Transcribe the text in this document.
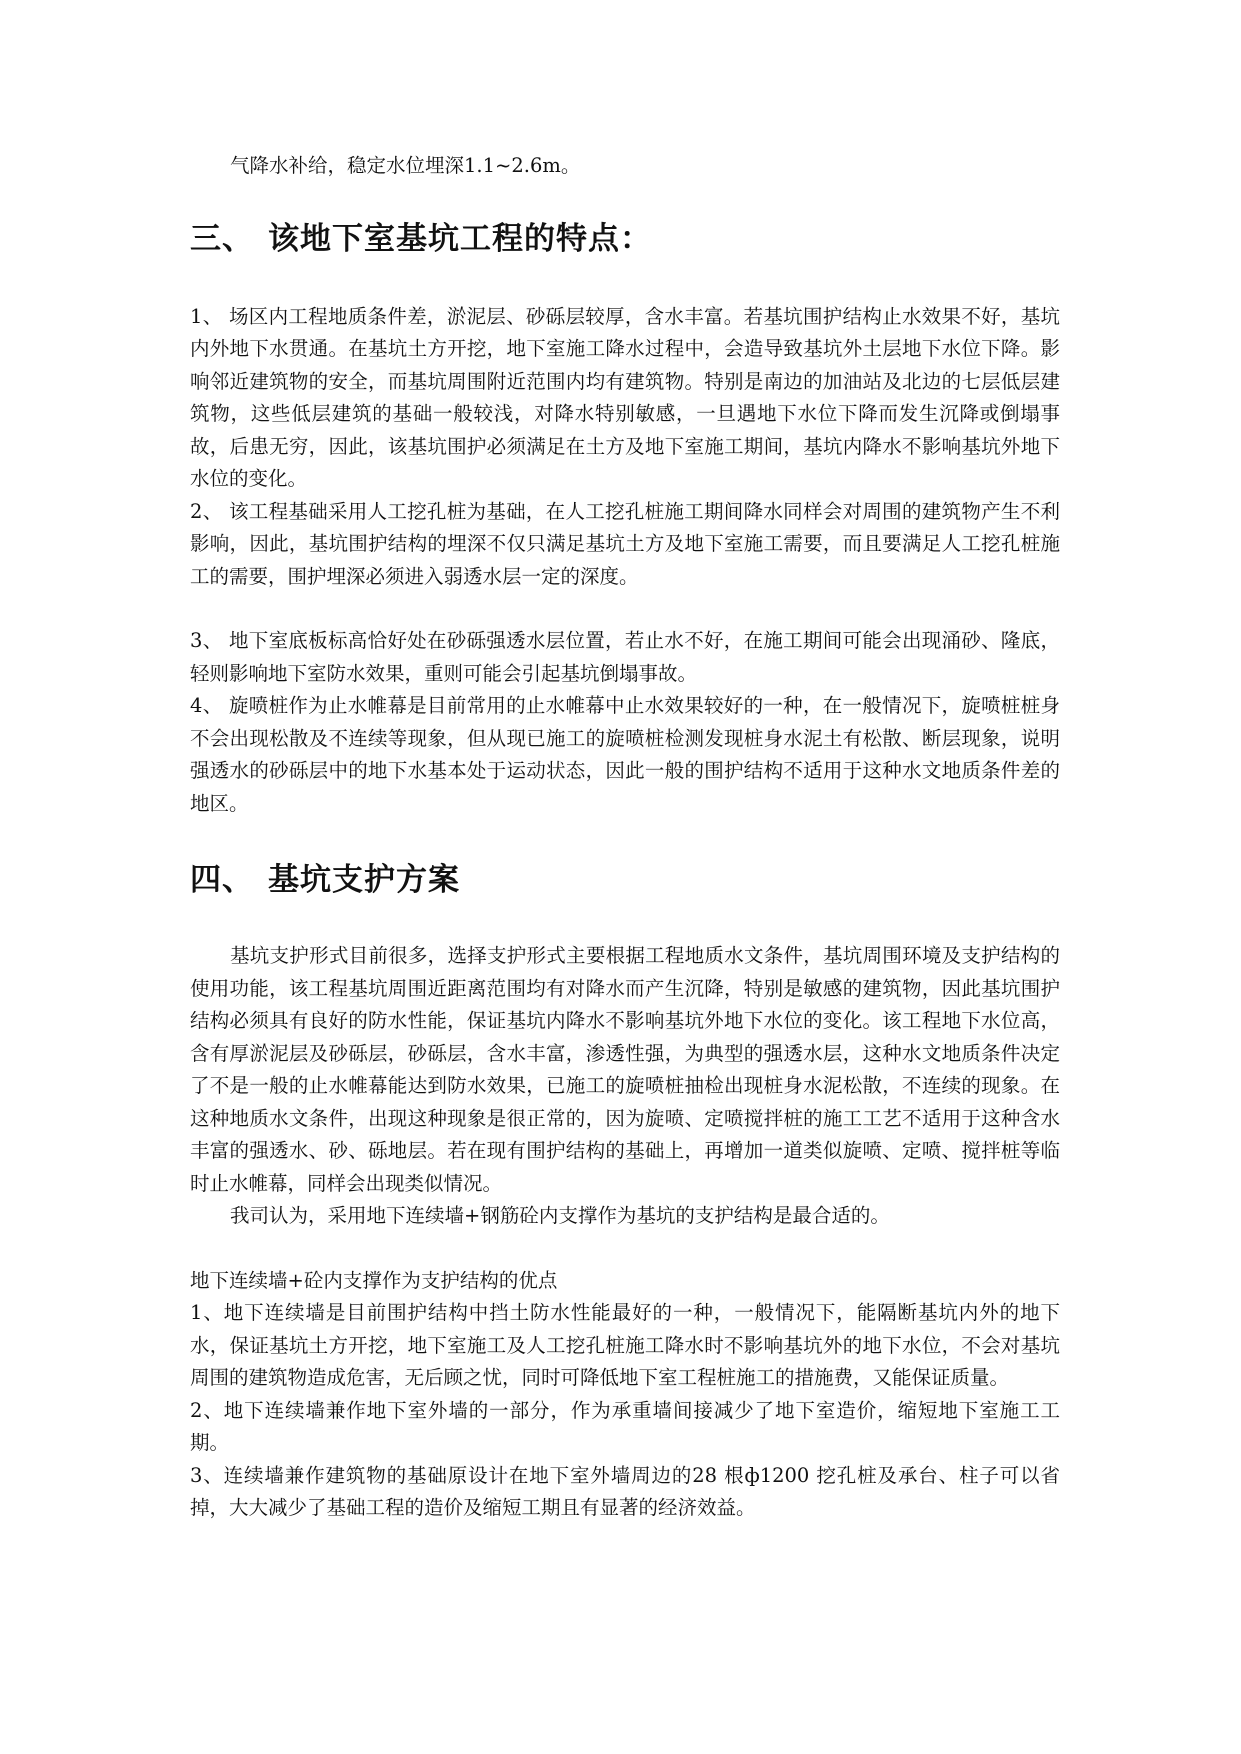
气降水补给，稳定水位埋深1.1~2.6m。

三、 该地下室基坑工程的特点：

1、 场区内工程地质条件差，淤泥层、砂砾层较厚，含水丰富。若基坑围护结构止水效果不好，基坑内外地下水贯通。在基坑土方开挖，地下室施工降水过程中，会造导致基坑外土层地下水位下降。影响邻近建筑物的安全，而基坑周围附近范围内均有建筑物。特别是南边的加油站及北边的七层低层建筑物，这些低层建筑的基础一般较浅，对降水特别敏感，一旦遇地下水位下降而发生沉降或倒塌事故，后患无穷，因此，该基坑围护必须满足在土方及地下室施工期间，基坑内降水不影响基坑外地下水位的变化。

2、 该工程基础采用人工挖孔桩为基础，在人工挖孔桩施工期间降水同样会对周围的建筑物产生不利影响，因此，基坑围护结构的埋深不仅只满足基坑土方及地下室施工需要，而且要满足人工挖孔桩施工的需要，围护埋深必须进入弱透水层一定的深度。

3、 地下室底板标高恰好处在砂砾强透水层位置，若止水不好，在施工期间可能会出现涌砂、隆底，轻则影响地下室防水效果，重则可能会引起基坑倒塌事故。

4、 旋喷桩作为止水帷幕是目前常用的止水帷幕中止水效果较好的一种，在一般情况下，旋喷桩桩身不会出现松散及不连续等现象，但从现已施工的旋喷桩检测发现桩身水泥土有松散、断层现象，说明强透水的砂砾层中的地下水基本处于运动状态，因此一般的围护结构不适用于这种水文地质条件差的地区。

四、 基坑支护方案

基坑支护形式目前很多，选择支护形式主要根据工程地质水文条件，基坑周围环境及支护结构的使用功能，该工程基坑周围近距离范围均有对降水而产生沉降，特别是敏感的建筑物，因此基坑围护结构必须具有良好的防水性能，保证基坑内降水不影响基坑外地下水位的变化。该工程地下水位高，含有厚淤泥层及砂砾层，砂砾层，含水丰富，渗透性强，为典型的强透水层，这种水文地质条件决定了不是一般的止水帷幕能达到防水效果，已施工的旋喷桩抽检出现桩身水泥松散，不连续的现象。在这种地质水文条件，出现这种现象是很正常的，因为旋喷、定喷搅拌桩的施工工艺不适用于这种含水丰富的强透水、砂、砾地层。若在现有围护结构的基础上，再增加一道类似旋喷、定喷、搅拌桩等临时止水帷幕，同样会出现类似情况。

我司认为，采用地下连续墙+钢筋砼内支撑作为基坑的支护结构是最合适的。

地下连续墙+砼内支撑作为支护结构的优点

1、地下连续墙是目前围护结构中挡土防水性能最好的一种，一般情况下，能隔断基坑内外的地下水，保证基坑土方开挖，地下室施工及人工挖孔桩施工降水时不影响基坑外的地下水位，不会对基坑周围的建筑物造成危害，无后顾之忧，同时可降低地下室工程桩施工的措施费，又能保证质量。

2、地下连续墙兼作地下室外墙的一部分，作为承重墙间接减少了地下室造价，缩短地下室施工工期。

3、连续墙兼作建筑物的基础原设计在地下室外墙周边的28 根ф1200 挖孔桩及承台、柱子可以省掉，大大减少了基础工程的造价及缩短工期且有显著的经济效益。
